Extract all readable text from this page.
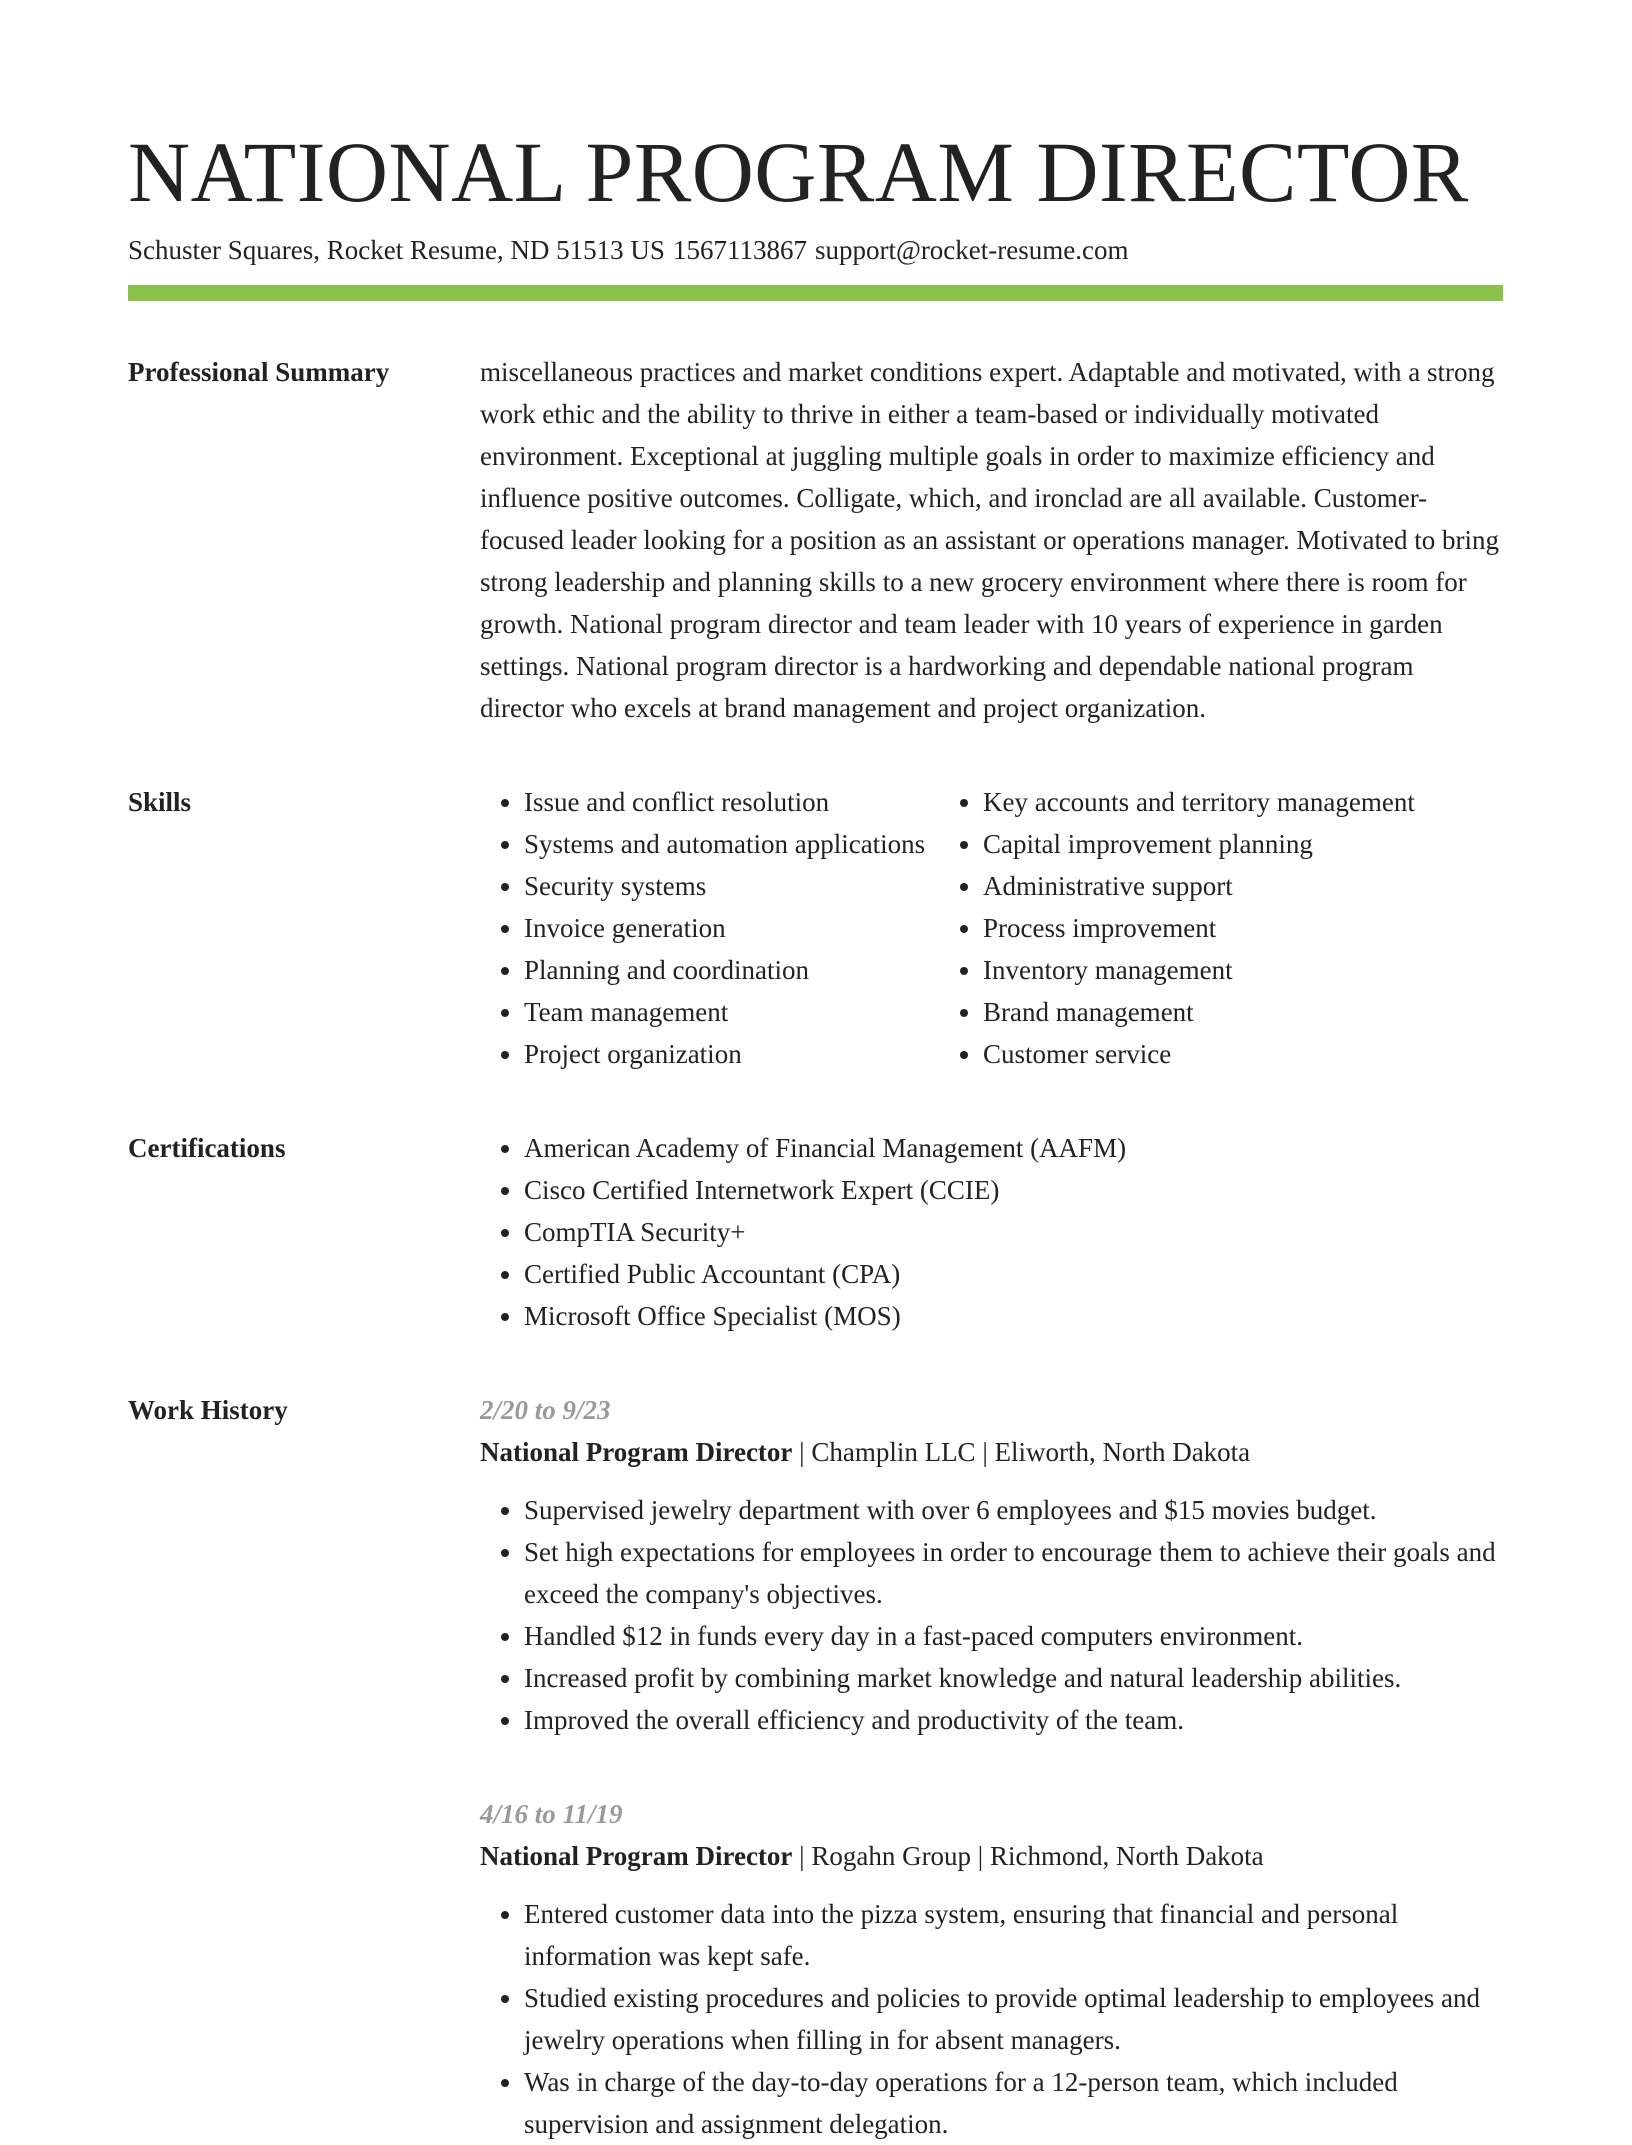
NATIONAL PROGRAM DIRECTOR
Schuster Squares, Rocket Resume, ND 51513 US 1567113867 support@rocket-resume.com
Professional Summary	miscellaneous practices and market conditions expert. Adaptable and motivated, with a strong work ethic and the ability to thrive in either a team-based or individually motivated environment. Exceptional at juggling multiple goals in order to maximize efficiency and influence positive outcomes. Colligate, which, and ironclad are all available. Customer-focused leader looking for a position as an assistant or operations manager. Motivated to bring strong leadership and planning skills to a new grocery environment where there is room for growth. National program director and team leader with 10 years of experience in garden settings. National program director is a hardworking and dependable national program director who excels at brand management and project organization.

Skills	• Issue and conflict resolution
• Systems and automation applications
• Security systems
• Invoice generation
• Planning and coordination
• Team management
• Project organization
• Key accounts and territory management
• Capital improvement planning
• Administrative support
• Process improvement
• Inventory management
• Brand management
• Customer service
Certifications	• American Academy of Financial Management (AAFM)
• Cisco Certified Internetwork Expert (CCIE)
• CompTIA Security+
• Certified Public Accountant (CPA)
• Microsoft Office Specialist (MOS)
Work History	2/20 to 9/23
National Program Director | Champlin LLC | Eliworth, North Dakota
• Supervised jewelry department with over 6 employees and $15 movies budget.
• Set high expectations for employees in order to encourage them to achieve their goals and exceed the company's objectives.
• Handled $12 in funds every day in a fast-paced computers environment.
• Increased profit by combining market knowledge and natural leadership abilities.
• Improved the overall efficiency and productivity of the team.
4/16 to 11/19
National Program Director | Rogahn Group | Richmond, North Dakota
• Entered customer data into the pizza system, ensuring that financial and personal information was kept safe.
• Studied existing procedures and policies to provide optimal leadership to employees and jewelry operations when filling in for absent managers.
• Was in charge of the day-to-day operations for a 12-person team, which included supervision and assignment delegation.
